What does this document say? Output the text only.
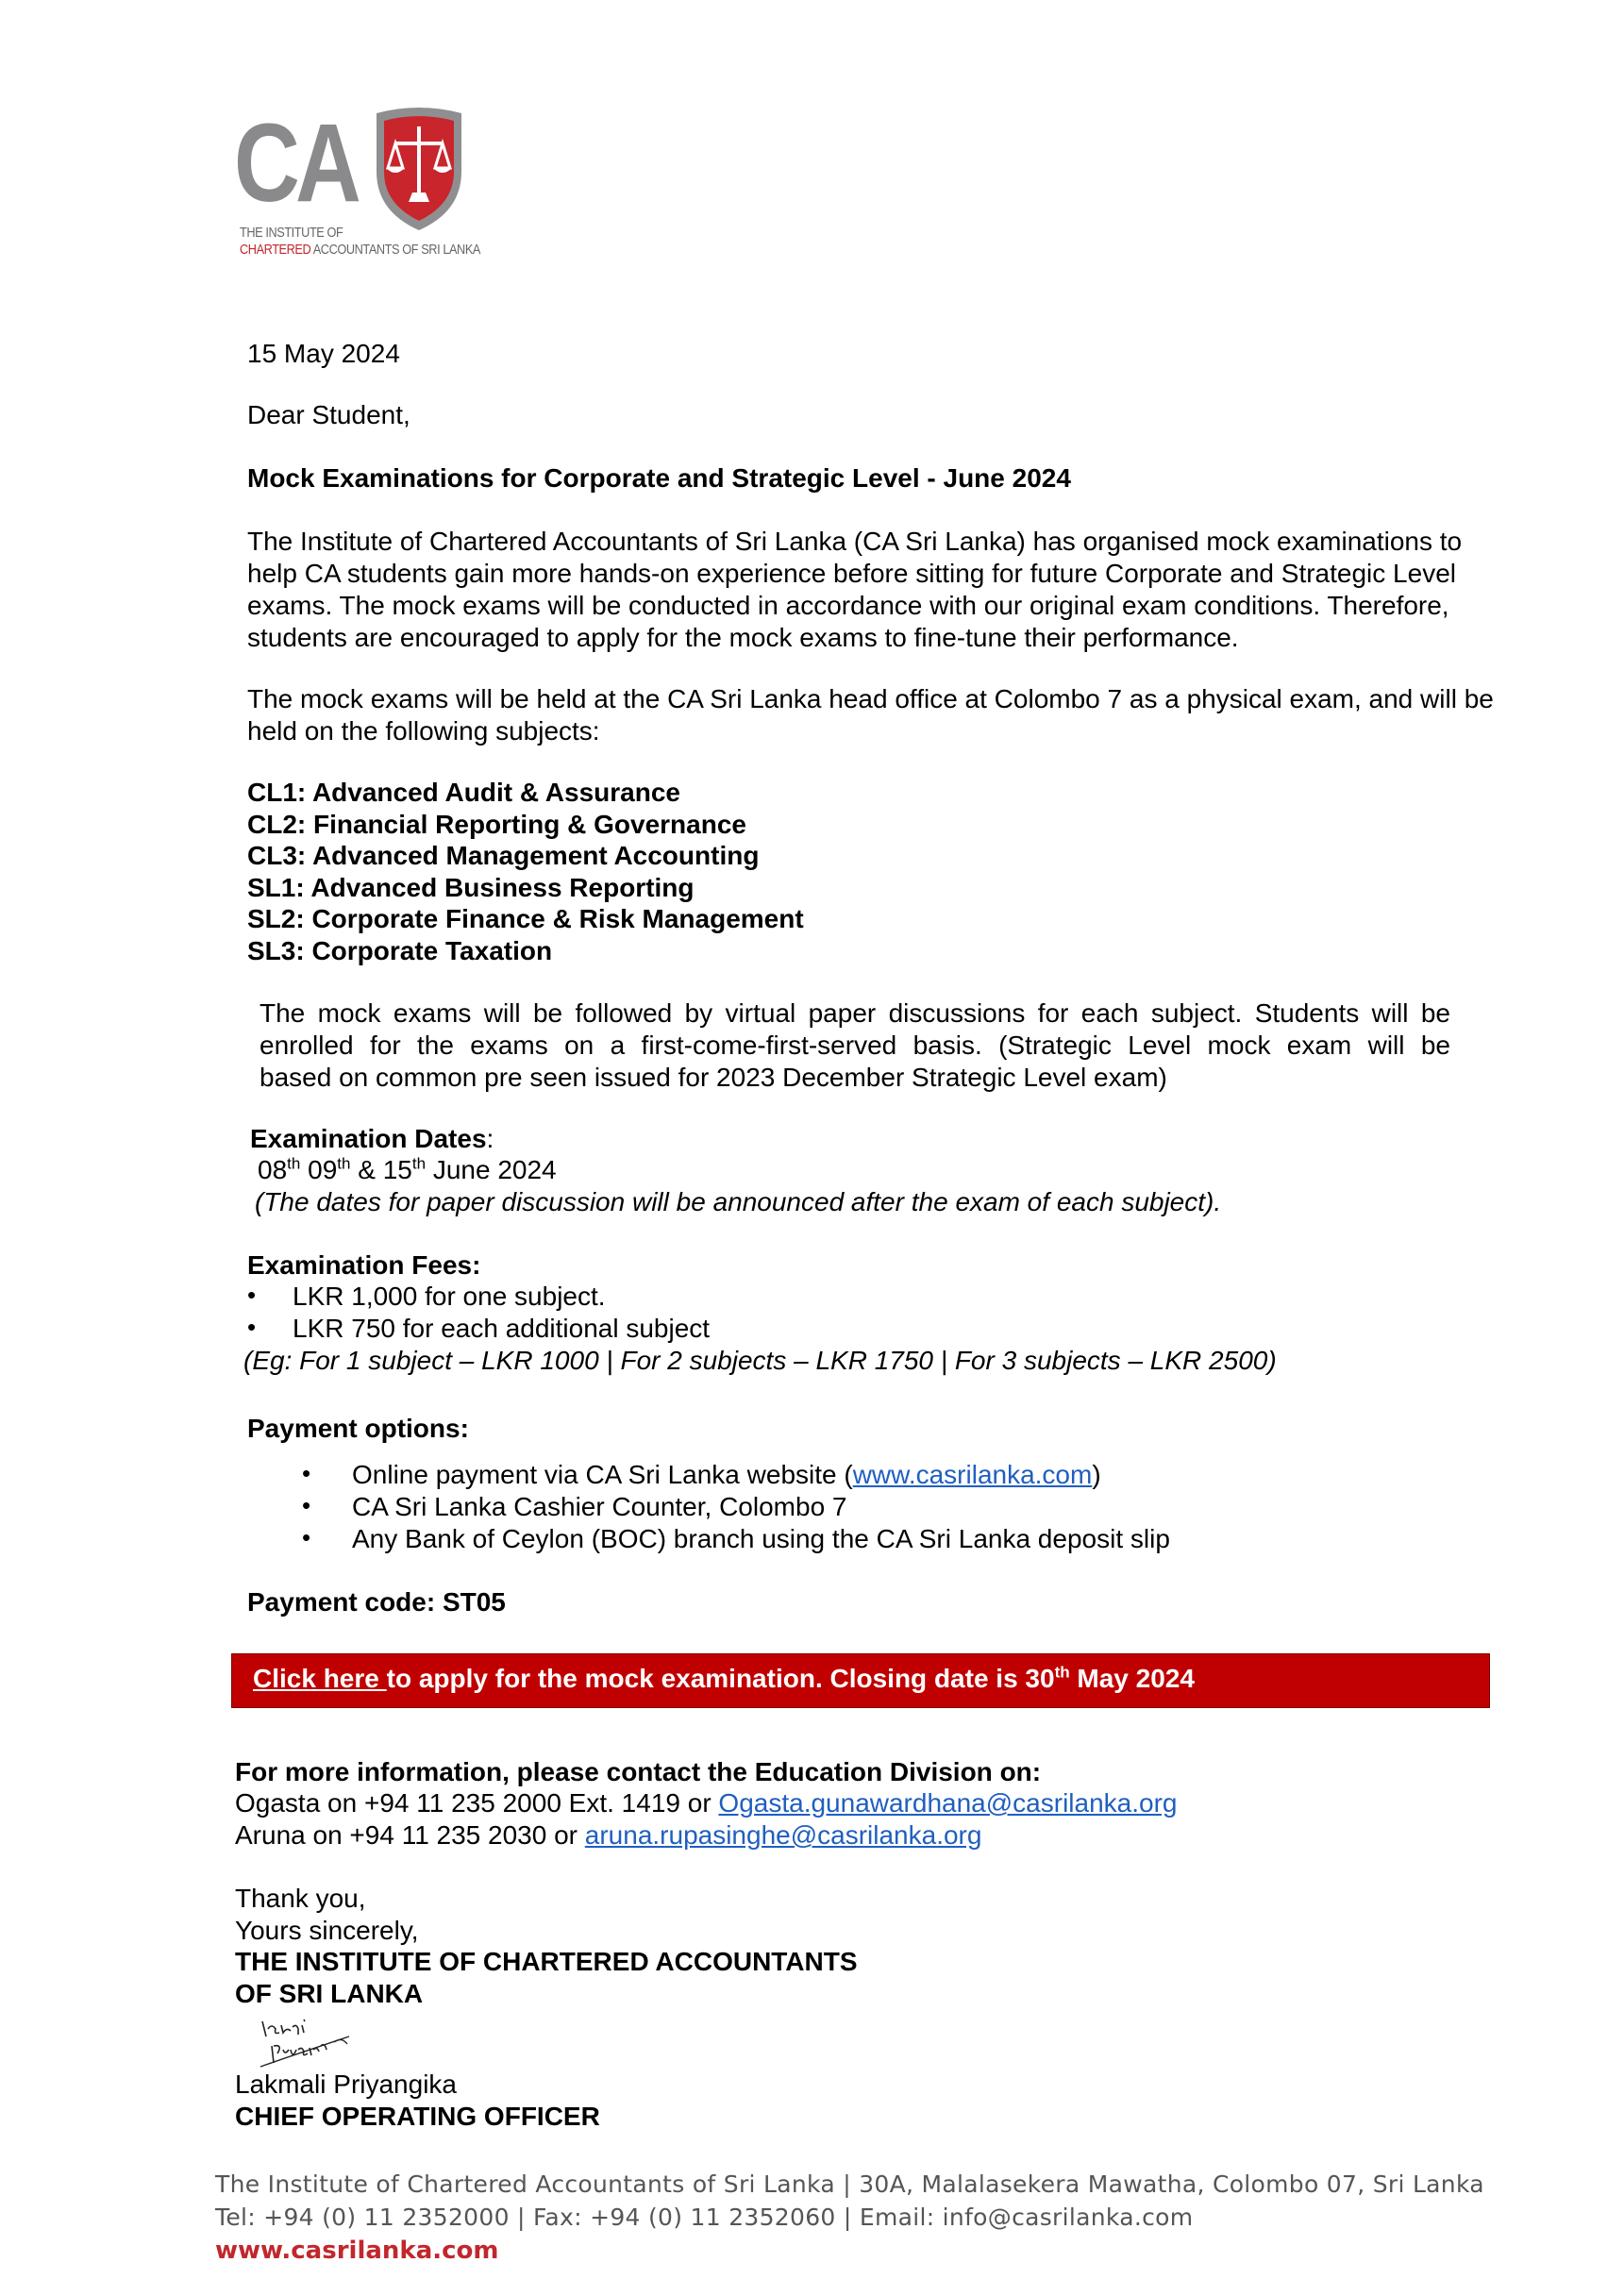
CA
THE INSTITUTE OF
CHARTERED ACCOUNTANTS OF SRI LANKA
15 May 2024
Dear Student,
Mock Examinations for Corporate and Strategic Level - June 2024
The Institute of Chartered Accountants of Sri Lanka (CA Sri Lanka) has organised mock examinations to
help CA students gain more hands-on experience before sitting for future Corporate and Strategic Level
exams. The mock exams will be conducted in accordance with our original exam conditions. Therefore,
students are encouraged to apply for the mock exams to fine-tune their performance.
The mock exams will be held at the CA Sri Lanka head office at Colombo 7 as a physical exam, and will be
held on the following subjects:
CL1: Advanced Audit & Assurance
CL2: Financial Reporting & Governance
CL3: Advanced Management Accounting
SL1: Advanced Business Reporting
SL2: Corporate Finance & Risk Management
SL3: Corporate Taxation
The mock exams will be followed by virtual paper discussions for each subject. Students will be
enrolled for the exams on a first-come-first-served basis. (Strategic Level mock exam will be
based on common pre seen issued for 2023 December Strategic Level exam)
Examination Dates:
08th 09th & 15th June 2024
(The dates for paper discussion will be announced after the exam of each subject).
Examination Fees:
• LKR 1,000 for one subject.
• LKR 750 for each additional subject
(Eg: For 1 subject – LKR 1000 | For 2 subjects – LKR 1750 | For 3 subjects – LKR 2500)
Payment options:
• Online payment via CA Sri Lanka website (www.casrilanka.com)
• CA Sri Lanka Cashier Counter, Colombo 7
• Any Bank of Ceylon (BOC) branch using the CA Sri Lanka deposit slip
Payment code: ST05
Click here to apply for the mock examination. Closing date is 30th May 2024
For more information, please contact the Education Division on:
Ogasta on +94 11 235 2000 Ext. 1419 or Ogasta.gunawardhana@casrilanka.org
Aruna on +94 11 235 2030 or aruna.rupasinghe@casrilanka.org
Thank you,
Yours sincerely,
THE INSTITUTE OF CHARTERED ACCOUNTANTS
OF SRI LANKA
Lakmali Priyangika
CHIEF OPERATING OFFICER
The Institute of Chartered Accountants of Sri Lanka | 30A, Malalasekera Mawatha, Colombo 07, Sri Lanka
Tel: +94 (0) 11 2352000 | Fax: +94 (0) 11 2352060 | Email: info@casrilanka.com
www.casrilanka.com
